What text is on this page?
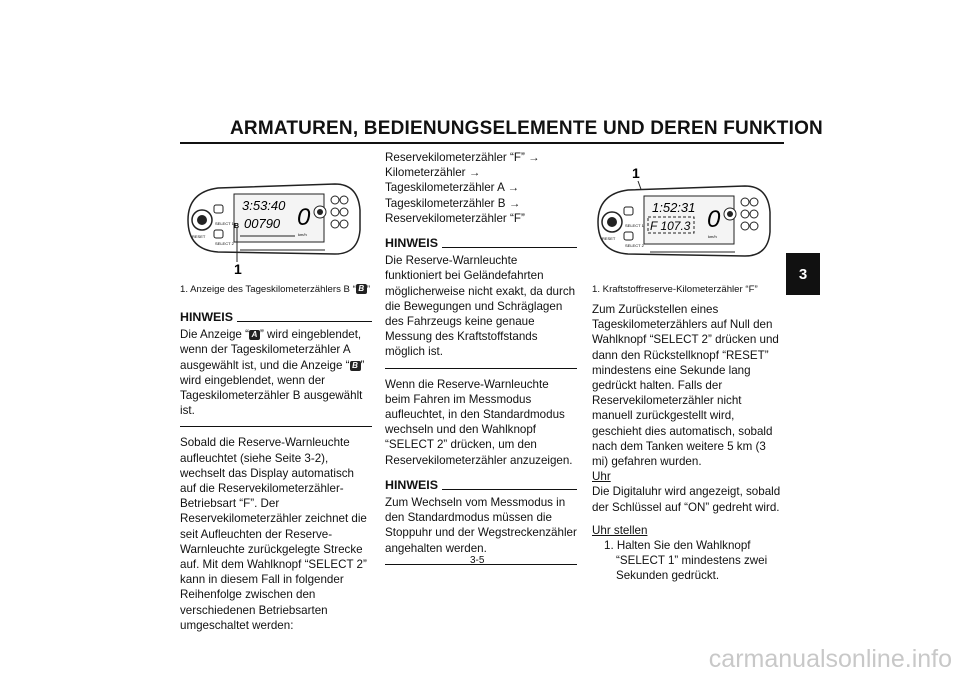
ARMATUREN, BEDIENUNGSELEMENTE UND DEREN FUNKTION
3
SELECT 1
SELECT 2
RESET
3:53:40
00790
B 0
km/h
1

1. Anzeige des Tageskilometerzählers B “ B ”

HINWEIS

Die Anzeige “ A ” wird eingeblendet, wenn der Tageskilometerzähler A ausgewählt ist, und die Anzeige “ B ” wird eingeblendet, wenn der Tageskilometerzähler B ausgewählt ist.

Sobald die Reserve-Warnleuchte aufleuchtet (siehe Seite 3-2), wechselt das Display automatisch auf die Reservekilometerzähler-Betriebsart “F”. Der Reservekilometerzähler zeichnet die seit Aufleuchten der Reserve-Warnleuchte zurückgelegte Strecke auf. Mit dem Wahlknopf “SELECT 2” kann in diesem Fall in folgender Reihenfolge zwischen den verschiedenen Betriebsarten umgeschaltet werden:

Reservekilometerzähler “F” → Kilometerzähler → Tageskilometerzähler A → Tageskilometerzähler B → Reservekilometerzähler “F”

HINWEIS

Die Reserve-Warnleuchte funktioniert bei Geländefahrten möglicherweise nicht exakt, da durch die Bewegungen und Schräglagen des Fahrzeugs keine genaue Messung des Kraftstoffstands möglich ist.

Wenn die Reserve-Warnleuchte beim Fahren im Messmodus aufleuchtet, in den Standardmodus wechseln und den Wahlknopf “SELECT 2” drücken, um den Reservekilometerzähler anzuzeigen.

HINWEIS

Zum Wechseln vom Messmodus in den Standardmodus müssen die Stoppuhr und der Wegstreckenzähler angehalten werden.

1
SELECT 1
SELECT 2
RESET
1:52:31
F 107.3 0
km/h

1. Kraftstoffreserve-Kilometerzähler “F”

Zum Zurückstellen eines Tageskilometerzählers auf Null den Wahlknopf “SELECT 2” drücken und dann den Rückstellknopf “RESET” mindestens eine Sekunde lang gedrückt halten. Falls der Reservekilometerzähler nicht manuell zurückgestellt wird, geschieht dies automatisch, sobald nach dem Tanken weitere 5 km (3 mi) gefahren wurden.

Uhr

Die Digitaluhr wird angezeigt, sobald der Schlüssel auf “ON” gedreht wird.

Uhr stellen

1. Halten Sie den Wahlknopf “SELECT 1” mindestens zwei Sekunden gedrückt.

3-5
carmanualsonline.info
